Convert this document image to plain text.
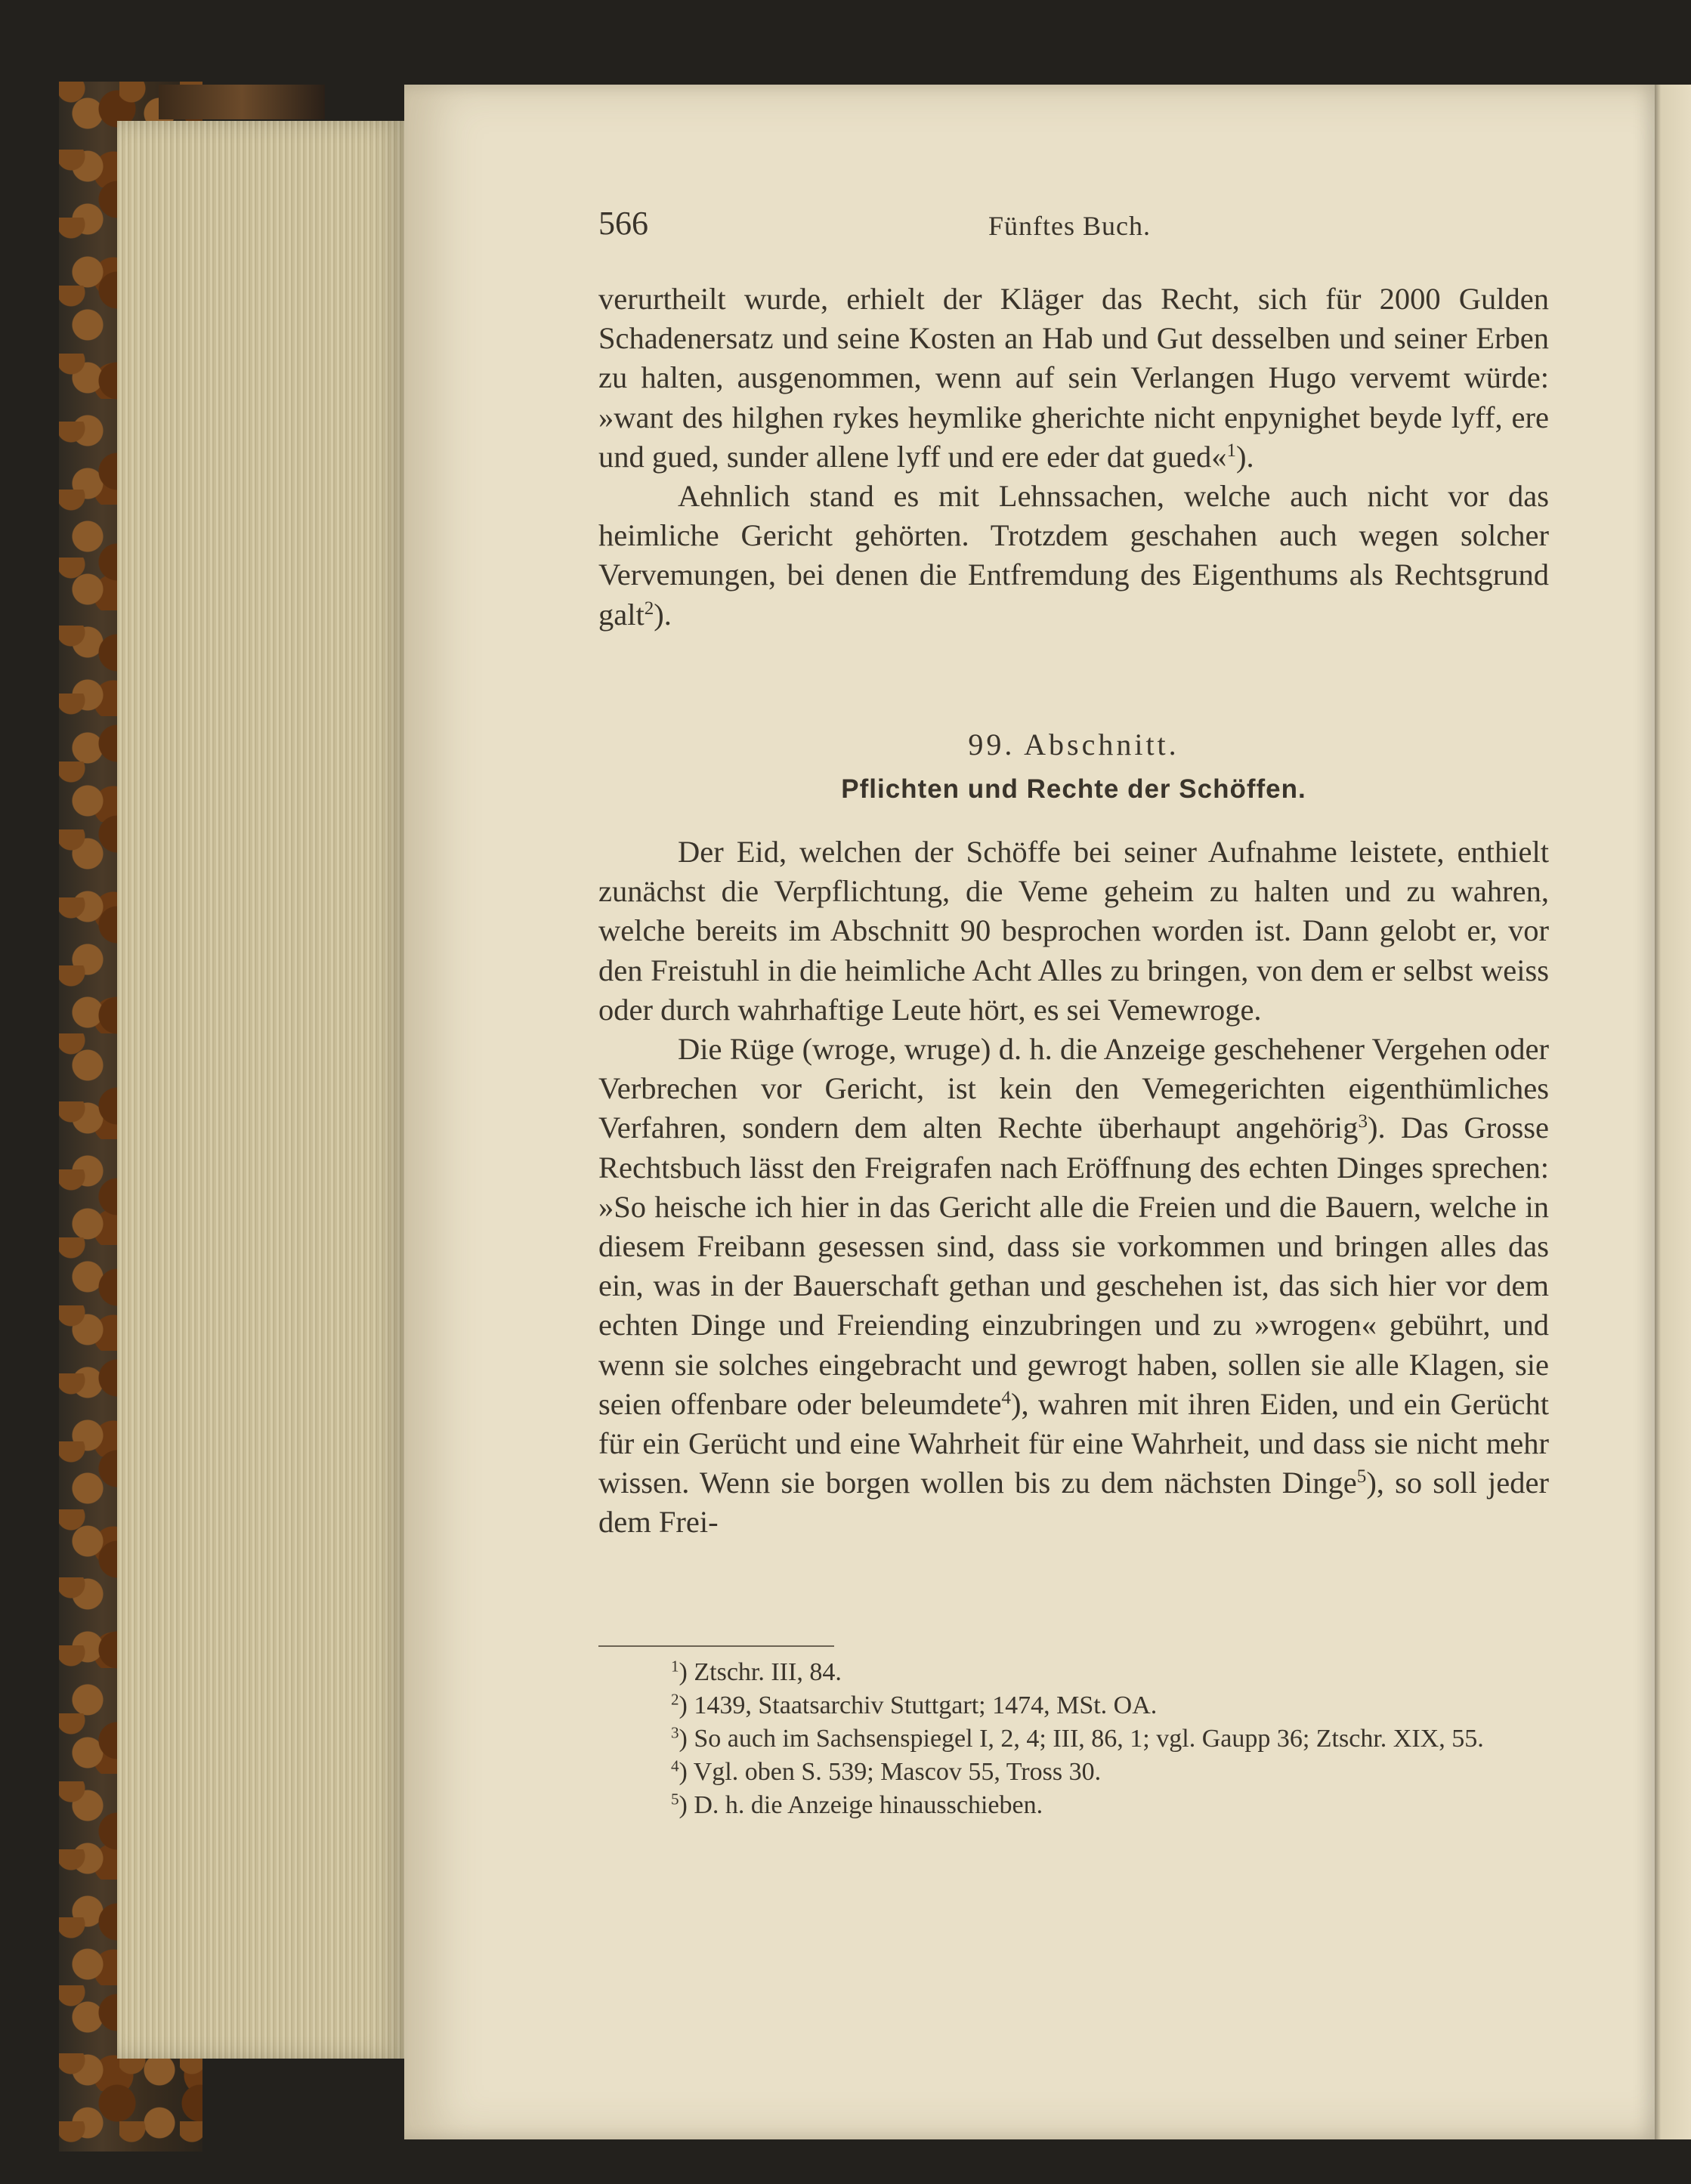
566	Fünftes Buch.

verurtheilt wurde, erhielt der Kläger das Recht, sich für 2000 Gulden Schadenersatz und seine Kosten an Hab und Gut desselben und seiner Erben zu halten, ausgenommen, wenn auf sein Verlangen Hugo vervemt würde: »want des hilghen rykes heymlike gherichte nicht enpynighet beyde lyff, ere und gued, sunder allene lyff und ere eder dat gued«$^1$).

Aehnlich stand es mit Lehnssachen, welche auch nicht vor das heimliche Gericht gehörten. Trotzdem geschahen auch wegen solcher Vervemungen, bei denen die Entfremdung des Eigenthums als Rechtsgrund galt$^2$).

99. Abschnitt.

Pflichten und Rechte der Schöffen.

Der Eid, welchen der Schöffe bei seiner Aufnahme leistete, enthielt zunächst die Verpflichtung, die Veme geheim zu halten und zu wahren, welche bereits im Abschnitt 90 besprochen worden ist. Dann gelobt er, vor den Freistuhl in die heimliche Acht Alles zu bringen, von dem er selbst weiss oder durch wahrhaftige Leute hört, es sei Vemewroge.

Die Rüge (wroge, wruge) d. h. die Anzeige geschehener Vergehen oder Verbrechen vor Gericht, ist kein den Vemegerichten eigenthümliches Verfahren, sondern dem alten Rechte überhaupt angehörig$^3$). Das Grosse Rechtsbuch lässt den Freigrafen nach Eröffnung des echten Dinges sprechen: »So heische ich hier in das Gericht alle die Freien und die Bauern, welche in diesem Freibann gesessen sind, dass sie vorkommen und bringen alles das ein, was in der Bauerschaft gethan und geschehen ist, das sich hier vor dem echten Dinge und Freiending einzubringen und zu »wrogen« gebührt, und wenn sie solches eingebracht und gewrogt haben, sollen sie alle Klagen, sie seien offenbare oder beleumdete$^4$), wahren mit ihren Eiden, und ein Gerücht für ein Gerücht und eine Wahrheit für eine Wahrheit, und dass sie nicht mehr wissen. Wenn sie borgen wollen bis zu dem nächsten Dinge$^5$), so soll jeder dem Frei-

$^1$) Ztschr. III, 84.

$^2$) 1439, Staatsarchiv Stuttgart; 1474, MSt. OA.

$^3$) So auch im Sachsenspiegel I, 2, 4; III, 86, 1; vgl. Gaupp 36; Ztschr. XIX, 55.

$^4$) Vgl. oben S. 539; Mascov 55, Tross 30.

$^5$) D. h. die Anzeige hinausschieben.
